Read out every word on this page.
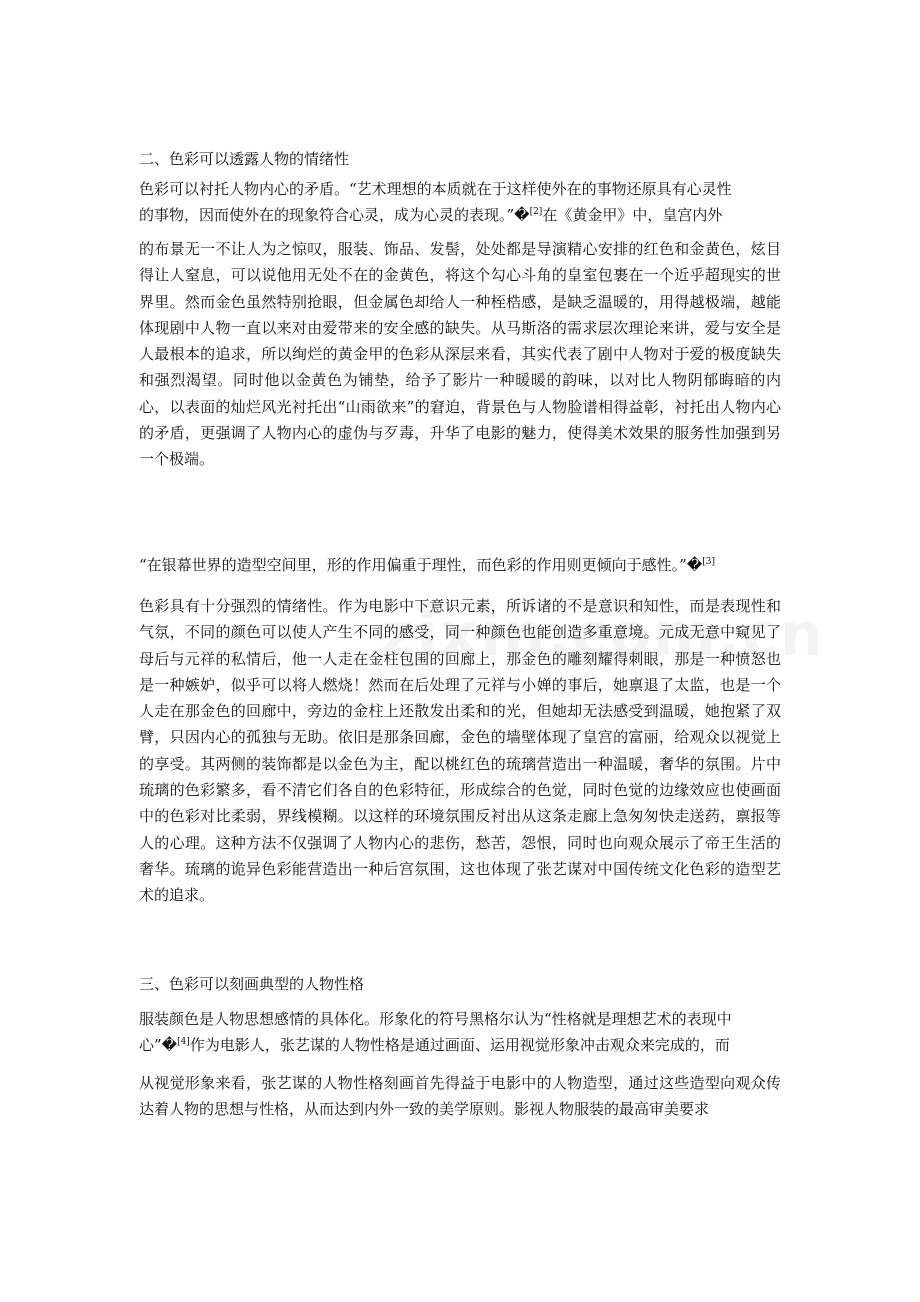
二、色彩可以透露人物的情绪性
色彩可以衬托人物内心的矛盾。“艺术理想的本质就在于这样使外在的事物还原具有心灵性
的事物，因而使外在的现象符合心灵，成为心灵的表现。”�[2]在《黄金甲》中，皇宫内外

的布景无一不让人为之惊叹，服装、饰品、发髻，处处都是导演精心安排的红色和金黄色，炫目得让人窒息，可以说他用无处不在的金黄色，将这个勾心斗角的皇室包裹在一个近乎超现实的世界里。然而金色虽然特别抢眼，但金属色却给人一种桎梏感，是缺乏温暖的，用得越极端，越能体现剧中人物一直以来对由爱带来的安全感的缺失。从马斯洛的需求层次理论来讲，爱与安全是人最根本的追求，所以绚烂的黄金甲的色彩从深层来看，其实代表了剧中人物对于爱的极度缺失和强烈渴望。同时他以金黄色为铺垫，给予了影片一种暖暖的韵味，以对比人物阴郁晦暗的内心，以表面的灿烂风光衬托出“山雨欲来”的窘迫，背景色与人物脸谱相得益彰，衬托出人物内心的矛盾，更强调了人物内心的虚伪与歹毒，升华了电影的魅力，使得美术效果的服务性加强到另一个极端。

“在银幕世界的造型空间里，形的作用偏重于理性，而色彩的作用则更倾向于感性。”�[3]

色彩具有十分强烈的情绪性。作为电影中下意识元素，所诉诸的不是意识和知性，而是表现性和气氛，不同的颜色可以使人产生不同的感受，同一种颜色也能创造多重意境。元成无意中窥见了母后与元祥的私情后，他一人走在金柱包围的回廊上，那金色的雕刻耀得刺眼，那是一种愤怒也是一种嫉妒，似乎可以将人燃烧！然而在后处理了元祥与小婵的事后，她禀退了太监，也是一个人走在那金色的回廊中，旁边的金柱上还散发出柔和的光，但她却无法感受到温暖，她抱紧了双臂，只因内心的孤独与无助。依旧是那条回廊，金色的墙壁体现了皇宫的富丽，给观众以视觉上的享受。其两侧的装饰都是以金色为主，配以桃红色的琉璃营造出一种温暖，奢华的氛围。片中琉璃的色彩繁多，看不清它们各自的色彩特征，形成综合的色觉，同时色觉的边缘效应也使画面中的色彩对比柔弱，界线模糊。以这样的环境氛围反衬出从这条走廊上急匆匆快走送药，禀报等人的心理。这种方法不仅强调了人物内心的悲伤，愁苦，怨恨，同时也向观众展示了帝王生活的奢华。琉璃的诡异色彩能营造出一种后宫氛围，这也体现了张艺谋对中国传统文化色彩的造型艺术的追求。

三、色彩可以刻画典型的人物性格
服装颜色是人物思想感情的具体化。形象化的符号黑格尔认为“性格就是理想艺术的表现中
心”�[4]作为电影人，张艺谋的人物性格是通过画面、运用视觉形象冲击观众来完成的，而

从视觉形象来看，张艺谋的人物性格刻画首先得益于电影中的人物造型，通过这些造型向观众传达着人物的思想与性格，从而达到内外一致的美学原则。影视人物服装的最高审美要求
